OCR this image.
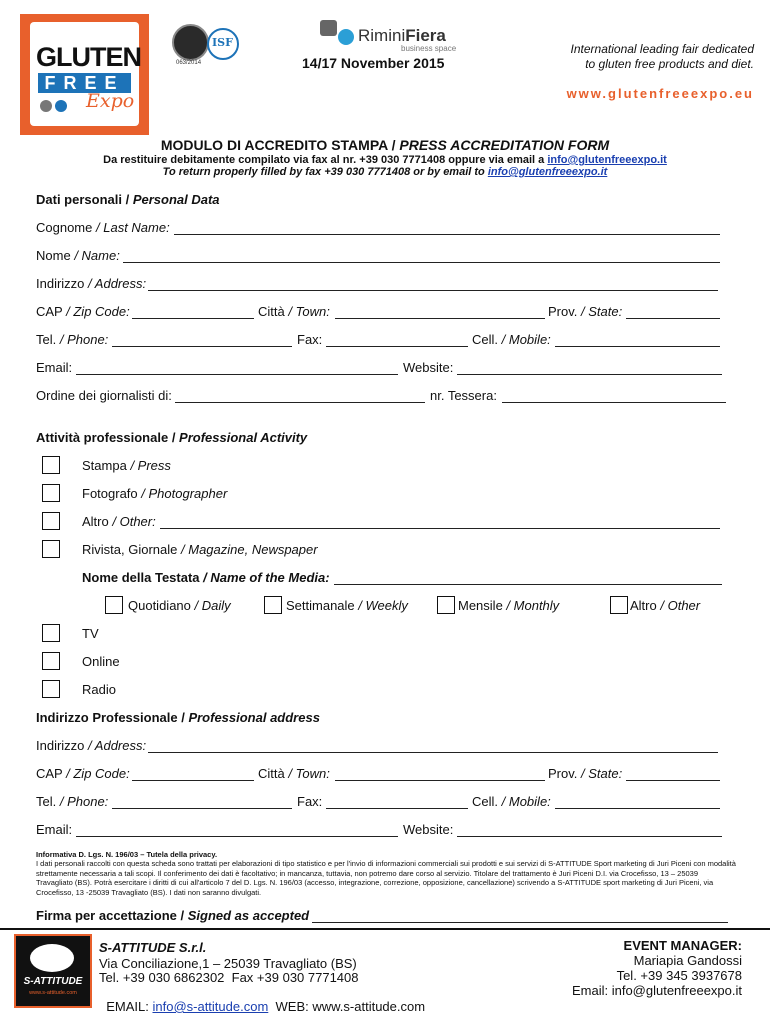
GLUTEN
FREE
Expo
063/2014
ISF	RiminiFiera
business space
14/17 November 2015
International leading fair dedicated
to gluten free products and diet.
www.glutenfreeexpo.eu
MODULO DI ACCREDITO STAMPA / PRESS ACCREDITATION FORM
Da restituire debitamente compilato via fax al nr. +39 030 7771408 oppure via email a info@glutenfreeexpo.it
To return properly filled by fax +39 030 7771408 or by email to info@glutenfreeexpo.it
Dati personali / Personal Data
Cognome / Last Name:
Nome / Name:
Indirizzo / Address:
CAP / Zip Code:	Città / Town:	Prov. / State:
Tel. / Phone:	Fax:	Cell. / Mobile:
Email:	Website:
Ordine dei giornalisti di:	nr. Tessera:
Attività professionale / Professional Activity
Stampa / Press
Fotografo / Photographer
Altro / Other:
Rivista, Giornale / Magazine, Newspaper
Nome della Testata / Name of the Media:
Quotidiano / Daily	Settimanale / Weekly	Mensile / Monthly	Altro / Other
TV
Online
Radio
Indirizzo Professionale / Professional address
Indirizzo / Address:
CAP / Zip Code:	Città / Town:	Prov. / State:
Tel. / Phone:	Fax:	Cell. / Mobile:
Email:	Website:
Informativa D. Lgs. N. 196/03 – Tutela della privacy.
I dati personali raccolti con questa scheda sono trattati per elaborazioni di tipo statistico e per l'invio di informazioni commerciali sui prodotti e sui servizi di S-ATTITUDE Sport marketing di Juri Piceni con modalità strettamente necessaria a tali scopi. Il conferimento dei dati è facoltativo; in mancanza, tuttavia, non potremo dare corso al servizio. Titolare del trattamento è Juri Piceni D.I. via Crocefisso, 13 – 25039 Travagliato (BS). Potrà esercitare i diritti di cui all'articolo 7 del D. Lgs. N. 196/03 (accesso, integrazione, correzione, opposizione, cancellazione) scrivendo a S-ATTITUDE sport marketing di Juri Piceni, via Crocefisso, 13 -25039 Travagliato (BS). I dati non saranno divulgati.
Firma per accettazione / Signed as accepted
S-ATTITUDE
www.s-attitude.com
S-ATTITUDE S.r.l.
Via Conciliazione,1 – 25039 Travagliato (BS)
Tel. +39 030 6862302  Fax +39 030 7771408

EMAIL: info@s-attitude.com  WEB: www.s-attitude.com

EVENT MANAGER:
Mariapia Gandossi
Tel. +39 345 3937678
Email: info@glutenfreeexpo.it
